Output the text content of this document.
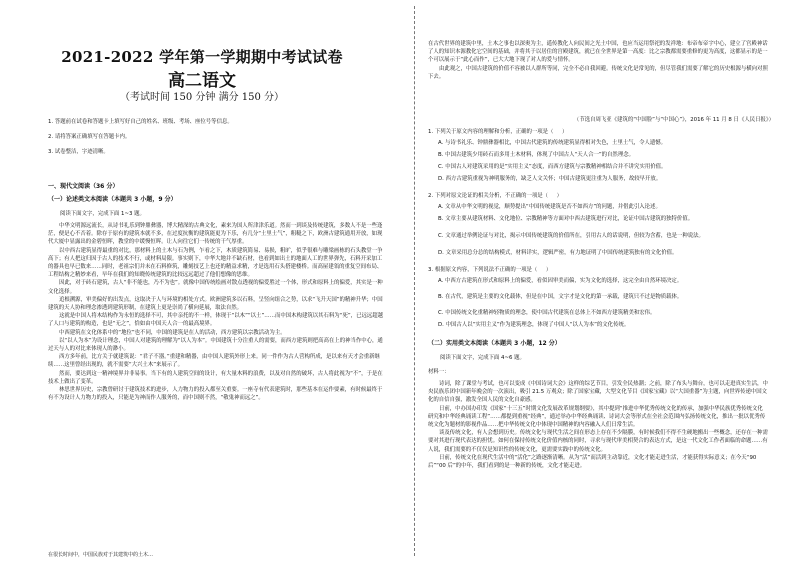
2021-2022 学年第一学期期中考试试卷
高二语文
（考试时间 150 分钟 满分 150 分）

1. 答题前在试卷和答题卡上填写好自己的姓名、班级、考场、座位号等信息。

2. 请将答案正确填写在答题卡内。

3. 试卷整洁，字迹清晰。

一、现代文阅读（36 分）

（一）论述类文本阅读（本题共 3 小题，9 分）

阅读下面文字，完成下面 1~3 题。

中华文明源远流长，从诗书礼乐到钟鼎彝器，博大精深的古典文化，素来为国人所津津乐道。然而一到谈及传统建筑，多数人不是一些逢茫，便是心不否着。除存于原有的建筑本就不多，在过度抗衡的建筑能更为下乐，有几分“土里土气”，粗糙之下，欧洲古建筑通用开放，如现代大厦中显露出的金碧恒晖，教堂的中缓慢恒晖。让人向往它们一传统的干气厚重。

以中西古建筑显得最重的对比，那材料上的土木与石为例，乍看之下，木质建筑简易、易损，粗旷，似乎很难与雕梁画栋的石头教堂一争高下；有人把这归因于古人的技术不行，或材料局限。事实则下，中华大地并不缺石材，也看到如出土的地面人工的世界弹先，石料开采加工的器具也早已数来……同时，老祖宗们并未在石料修筑，雕刻技艺上也还的精益求精，才是选用石头搭建楼桥。而高屋建瓴的重复空间布局、工程结构之精妙来看，早年在我们的知晓传统建筑的比较远远超过了他们想像的思维。

因此，对于砖石建筑，古人“非不能也，乃不为也”。就像中国传统绘画对散点透视的偏爱胜过一个体，形式和原料上的偏爱，其实是一种文化选择。

追根溯源，审美偏好的出发点，这取决于人与环境的相处方式。欧洲建筑多以石料，呈竖向组合之势，以求“飞升天国”的精神升华；中国建筑的天人协和理念渗透到建筑形制，在建筑上更是崇尚了横向延展，取法自然。

这就是中国人将木结构作为永恒的选择不可，其中亲托的不一样，体现于“以木”“以土”……而中国木构建筑以其石料为“死”，已远远超越了人口与建筑的构造，也是“无之”，恰如由中国天人合一的最高境界。

中西建筑在文化体系中的“地位”也不同，中国的建筑是在人的活动，西方建筑以宗教活动为主。

以“以人为本”为设计理念，中国人对建筑的理解为“以人为本”。中国建筑十分注重人的需要，而西方建筑则把高高在上的神当作中心，通过天与人的对比来体现人的渺小。

西方多年前，比方关于就建筑说：“君子不器。”重建和精器，由中国人建筑外形上来。同一件作为古人营构所成，是以来有天才会重新继续……这里曾经出现的，就不需要“大兴土木”来展示了。

然而，要达到这一精神境界并非易事。当下有的人建筑空间的设计，有大量木料的浪费，以及对自然的破坏，古人将此视为“不”，于是在技术上做出了变革。

林思世界历史，宗教曾研讨于建筑技术的进步，人力物力的投入都至关重要。一座寺有代表建筑时，那些基本在运作要素，有时候最终于有不为设计人力物力的投入，只能是为神而作人服务的，而中国则不然，“敬鬼神而远之”。

在很长时间中，中国民族对于其建筑中的土木…

在古代世界的建筑中里，土木之事也以深奥为主，遥传教化人向民间之光土中国，也应当运用祭祀的发祥地：布帝布帝宇中心，建立了宫殿神话了人的知识本源教化它空间的基础，并将其于以居住的宫殿建筑，就已在全世界是第一高度：比之宗教都需要重修的更为高度，这都显示的是一个可以展示于“此心而作”，已大大地下现了对人的爱与情怀。

由此观之，中国古建筑的价值不容被以人群所等同，完全不必自我回避。传统文化是常见的，但尽管我们需要了解它的历史根源与横向对照下去。

（节选自周飞亚《建筑的“中国脸”与“中国心”》，2016 年 11 月 8 日《人民日报》）

1. 下列关于原文内容的理解和分析，正确的一项是（     ）

A. 与诗书礼乐、钟鼎彝器相比，中国古代建筑的传统建筑显得相对失色，土里土气，令人遗憾。

B. 中国古建筑少用砖石而多用土木材料，体现了中国古人“天人合一”的自然理念。

C. 中国古人对建筑采用的是“实用主义”态度，而西方建筑与宗教精神相结合并不讲究实用价值。

D. 西方古建筑重视为神明服务的，缺乏人文关怀；中国古建筑更注重为人服务，故较早开放。

2. 下列对原文论证的相关分析，不正确的一项是（     ）

A. 文章从中华文明的视觉，顺势提出“中国传统建筑是否不如西方”的问题，并借此引入论述。

B. 文章主要从建筑材料、文化地位、宗教精神等方面对中西古建筑进行对比，论证中国古建筑的独特价值。

C. 文章通过举例论证与对比，揭示中国传统建筑的价值所在，引用古人的话说明，但较为含蓄，也是一种说法。

D. 文章采用总分总的结构模式，材料详实，逻辑严密，有力地证明了中国传统建筑独有的文化价值。

3. 根据原文内容，下列说法不正确的一项是（     ）

A. 中西方古建筑在形式和原料上的偏爱，看似因审美而偏，实为文化的选择，这完全由自然环境决定。

B. 在古代，建筑是主要的文化载体，但是在中国，文字才是文化的第一承载，建筑只不过是物质载体。

C. 中国传统文化重精神轻物质的理念，使中国古代建筑在总体上不如西方建筑精美和宏伟。

D. 中国古人以“实用主义”作为建筑理念，体现了中国人“以人为本”的文化传统。

（二）实用类文本阅读（本题共 3 小题，12 分）

阅读下面文字，完成下面 4~6 题。

材料一：

诗词，除了课堂与考试，也可以变成《中国诗词大会》这样的综艺节目，引发全民热潮；之前，除了布头与舞台，也可以走进真实生活，中央民族乐团中国新年晚会的一次演出，吸引 21.5 万观众；除了国家宝藏，大型文化节目《国家宝藏》以“大国重器”为主题，向世界传递中国文化的自信自强，激发全国人民的文化自豪感。

日前，中办国办印发《国家“十三五”时期文化发展改革规划纲要》，其中提到“推进中华优秀传统文化的传承，加强中华民族优秀传统文化研究和中华经典诵读工程”……都提到重视“经典”，通过举办中华经典诵读、诗词大会等形式在全社会范围内弘扬传统文化，推出一批以优秀传统文化为题材的影视作品……把中华传统文化中体现中国精神的内容融入人们日常生活。

谈及传统文化，有人会想到历史。传统文化与现代生活之间在形态上存在不少隔膜，有时候我们不得不生硬地搬出一些概念，还存在一种需要对其进行现代表达的担忧。如何在保持传统文化价值内核的同时，寻求与现代审美相契合的表达方式，是这一代文化工作者面临的命题……有人说，我们需要的不仅仅是知识性的传统文化，更需要实践中的传统文化。

日前，传统文化在现代生活中的“活化”之路逐渐清晰。从为“活”而活到主动靠近，文化才能走进生活，才能获得实际意义；在今天“90 后”“00 后”的中年，我们看到的是一种新的传统，文化才能走进。
